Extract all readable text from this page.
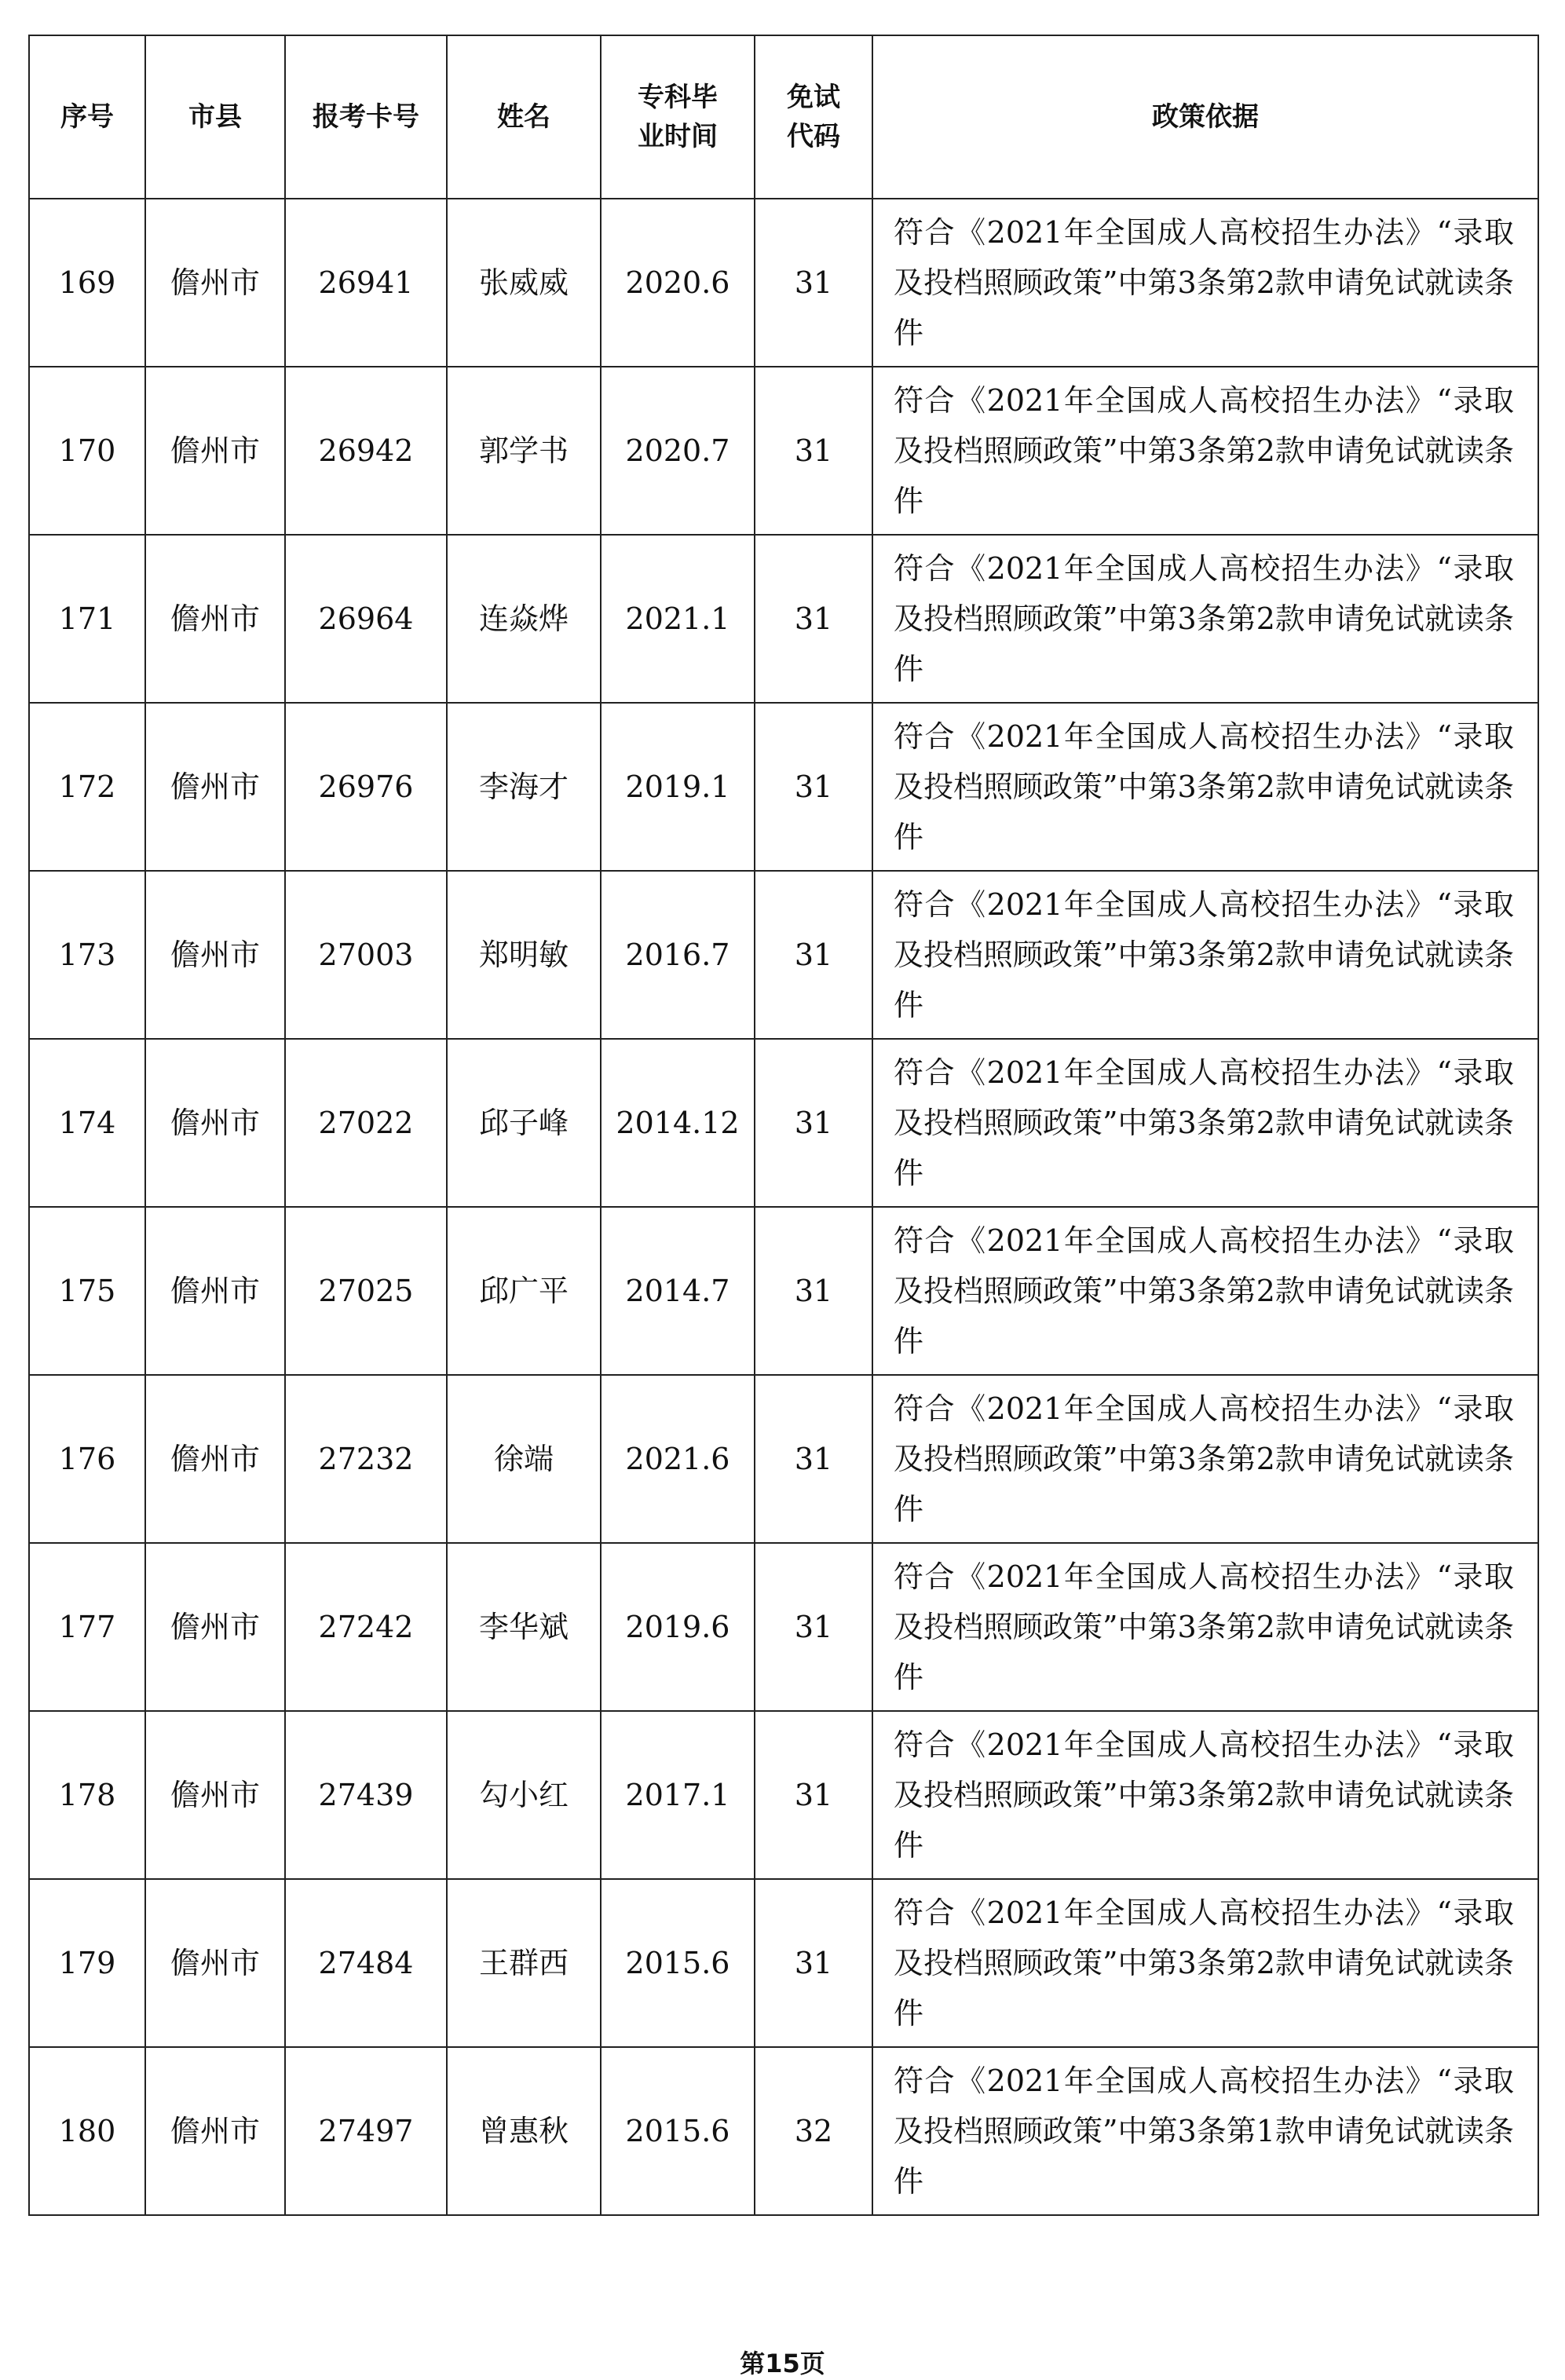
序号	市县	报考卡号	姓名	专科毕业时间	免试代码	政策依据
169	儋州市	26941	张威威	2020.6	31	符合《2021年全国成人高校招生办法》“录取及投档照顾政策”中第3条第2款申请免试就读条件
170	儋州市	26942	郭学书	2020.7	31	符合《2021年全国成人高校招生办法》“录取及投档照顾政策”中第3条第2款申请免试就读条件
171	儋州市	26964	连焱烨	2021.1	31	符合《2021年全国成人高校招生办法》“录取及投档照顾政策”中第3条第2款申请免试就读条件
172	儋州市	26976	李海才	2019.1	31	符合《2021年全国成人高校招生办法》“录取及投档照顾政策”中第3条第2款申请免试就读条件
173	儋州市	27003	郑明敏	2016.7	31	符合《2021年全国成人高校招生办法》“录取及投档照顾政策”中第3条第2款申请免试就读条件
174	儋州市	27022	邱子峰	2014.12	31	符合《2021年全国成人高校招生办法》“录取及投档照顾政策”中第3条第2款申请免试就读条件
175	儋州市	27025	邱广平	2014.7	31	符合《2021年全国成人高校招生办法》“录取及投档照顾政策”中第3条第2款申请免试就读条件
176	儋州市	27232	徐端	2021.6	31	符合《2021年全国成人高校招生办法》“录取及投档照顾政策”中第3条第2款申请免试就读条件
177	儋州市	27242	李华斌	2019.6	31	符合《2021年全国成人高校招生办法》“录取及投档照顾政策”中第3条第2款申请免试就读条件
178	儋州市	27439	勾小红	2017.1	31	符合《2021年全国成人高校招生办法》“录取及投档照顾政策”中第3条第2款申请免试就读条件
179	儋州市	27484	王群西	2015.6	31	符合《2021年全国成人高校招生办法》“录取及投档照顾政策”中第3条第2款申请免试就读条件
180	儋州市	27497	曾惠秋	2015.6	32	符合《2021年全国成人高校招生办法》“录取及投档照顾政策”中第3条第1款申请免试就读条件
第15页
